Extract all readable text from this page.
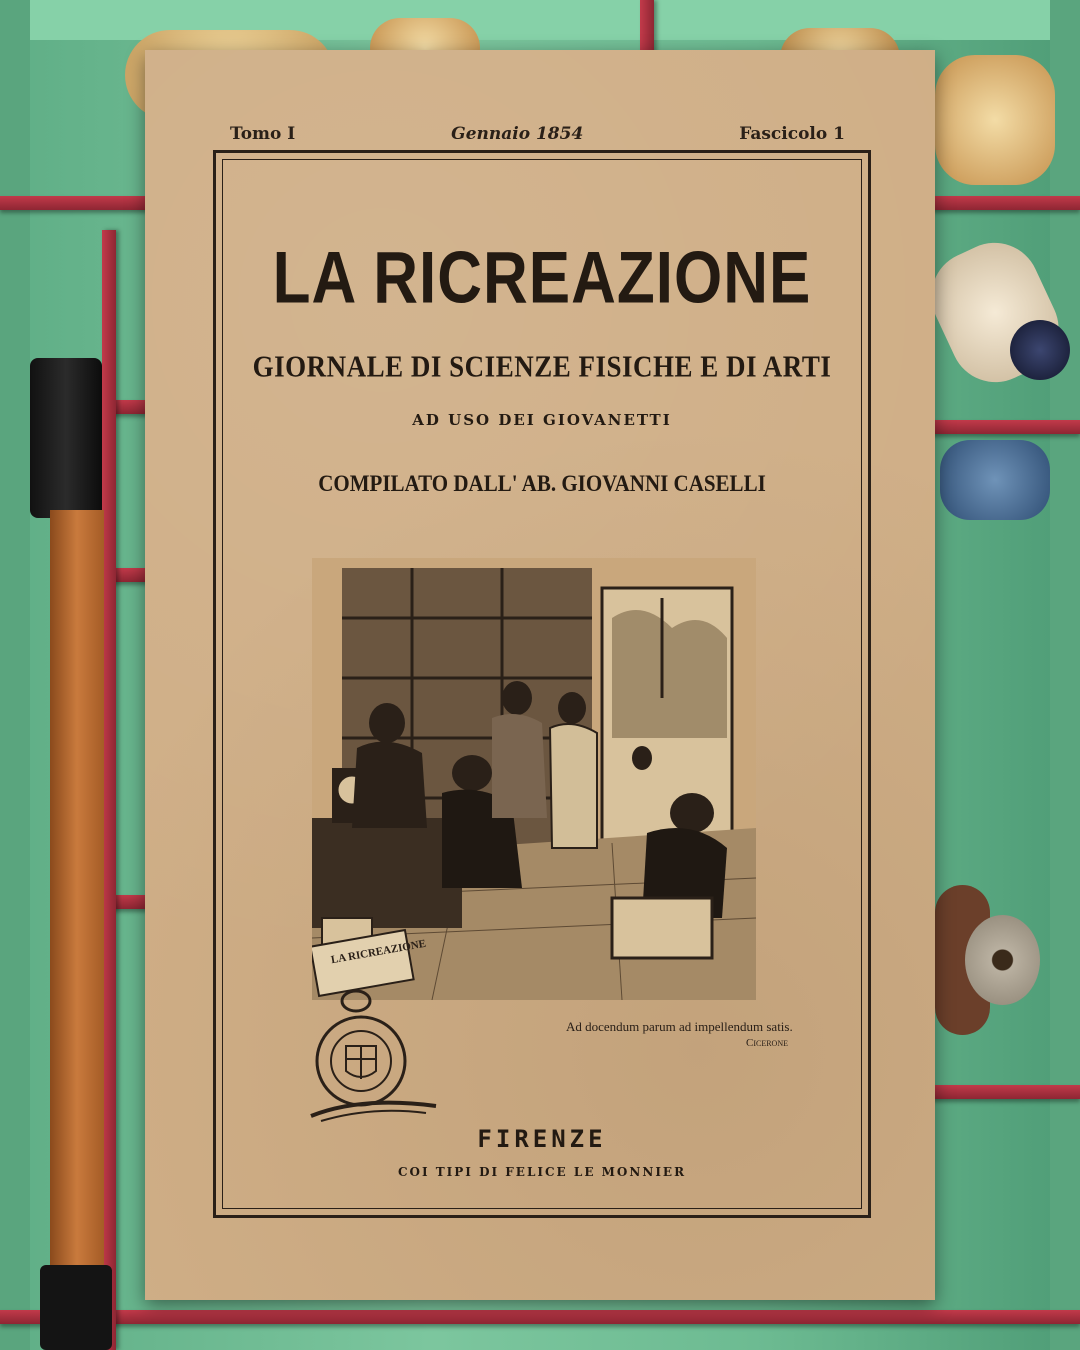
Tomo I	Gennaio 1854	Fascicolo 1
LA RICREAZIONE
GIORNALE DI SCIENZE FISICHE E DI ARTI
AD USO DEI GIOVANETTI
COMPILATO DALL' AB. GIOVANNI CASELLI
LA RICREAZIONE
Ad docendum parum ad impellendum satis.
Cicerone
FIRENZE
COI TIPI DI FELICE LE MONNIER
